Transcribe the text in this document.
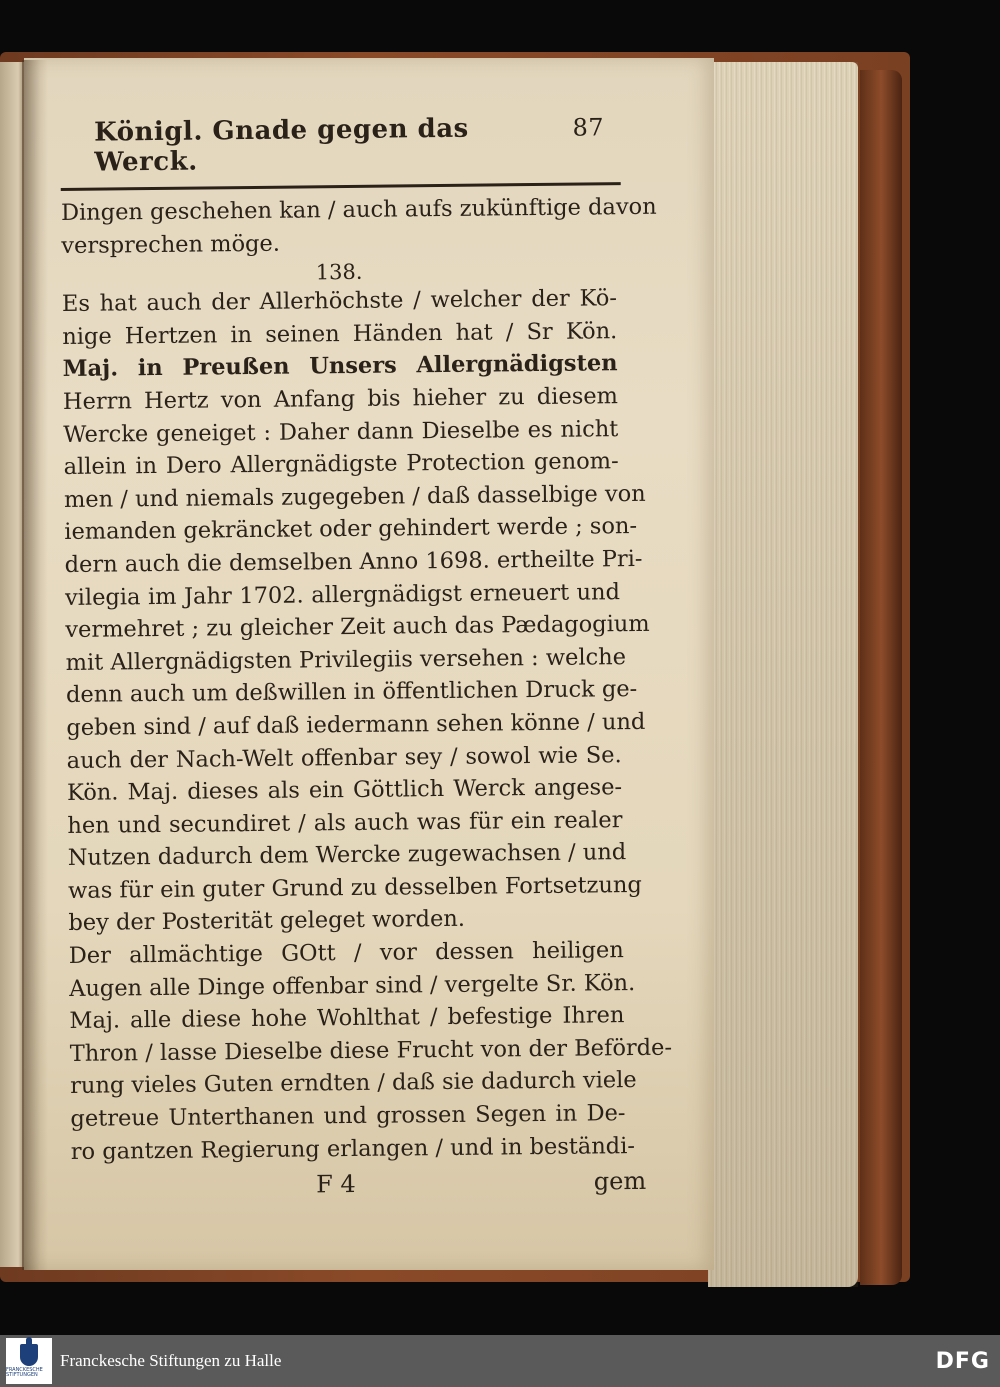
Königl. Gnade gegen das Werck.
87
Dingen geschehen kan / auch aufs zukünftige davon
versprechen möge.
138.
Es hat auch der Allerhöchste / welcher der Kö-
nige Hertzen in seinen Händen hat / Sr Kön.
Maj. in Preußen Unsers Allergnädigsten
Herrn Hertz von Anfang bis hieher zu diesem
Wercke geneiget : Daher dann Dieselbe es nicht
allein in Dero Allergnädigste Protection genom-
men / und niemals zugegeben / daß dasselbige von
iemanden gekräncket oder gehindert werde ; son-
dern auch die demselben Anno 1698. ertheilte Pri-
vilegia im Jahr 1702. allergnädigst erneuert und
vermehret ; zu gleicher Zeit auch das Pædagogium
mit Allergnädigsten Privilegiis versehen : welche
denn auch um deßwillen in öffentlichen Druck ge-
geben sind / auf daß iedermann sehen könne / und
auch der Nach-Welt offenbar sey / sowol wie Se.
Kön. Maj. dieses als ein Göttlich Werck angese-
hen und secundiret / als auch was für ein realer
Nutzen dadurch dem Wercke zugewachsen / und
was für ein guter Grund zu desselben Fortsetzung
bey der Posterität geleget worden.
Der allmächtige GOtt / vor dessen heiligen
Augen alle Dinge offenbar sind / vergelte Sr. Kön.
Maj. alle diese hohe Wohlthat / befestige Ihren
Thron / lasse Dieselbe diese Frucht von der Beförde-
rung vieles Guten erndten / daß sie dadurch viele
getreue Unterthanen und grossen Segen in De-
ro gantzen Regierung erlangen / und in beständi-
F 4	gem
FRANCKESCHE STIFTUNGEN
Franckesche Stiftungen zu Halle	DFG
